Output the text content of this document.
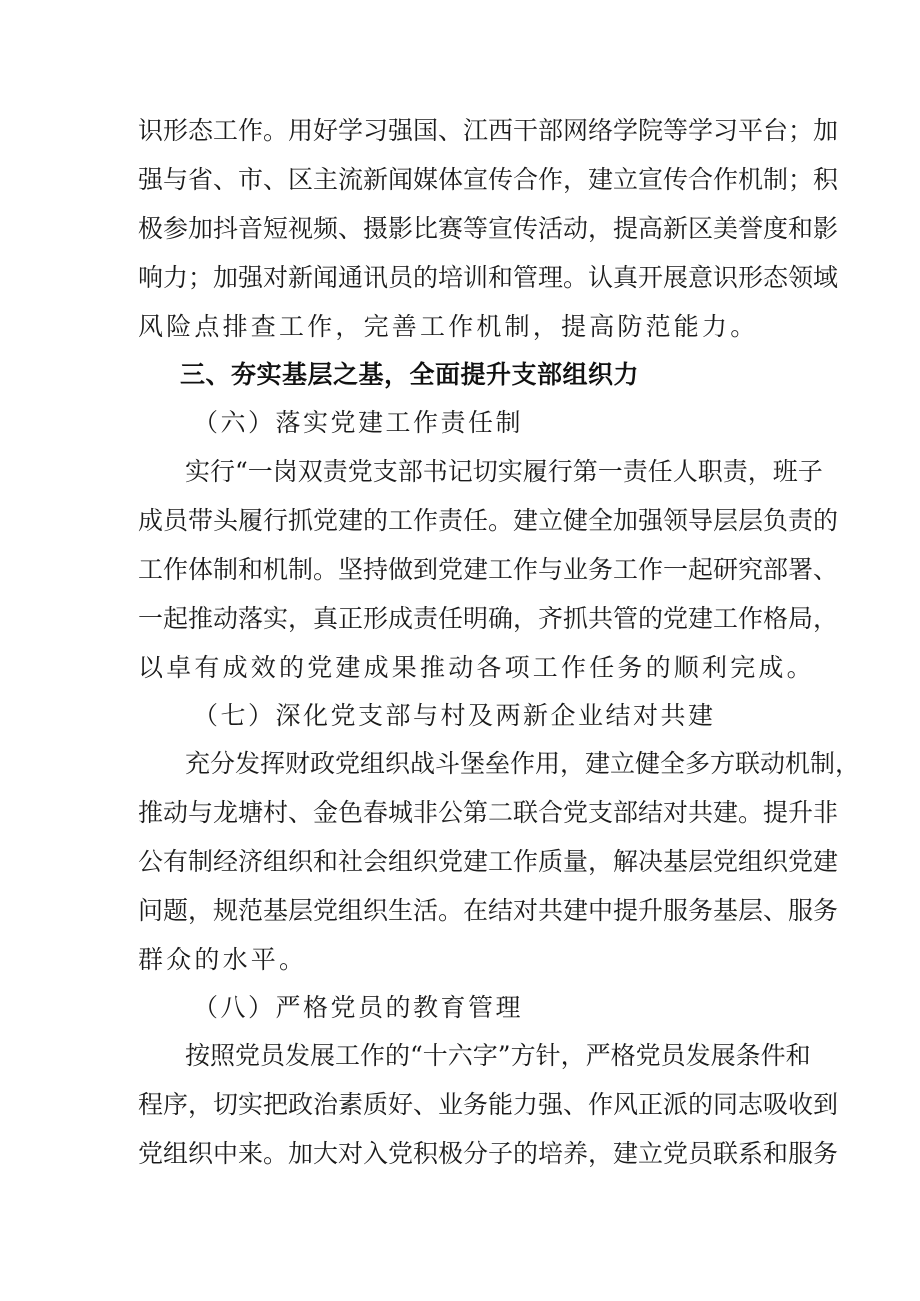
识形态工作。用好学习强国、江西干部网络学院等学习平台；加
强与省、市、区主流新闻媒体宣传合作，建立宣传合作机制；积
极参加抖音短视频、摄影比赛等宣传活动，提高新区美誉度和影
响力；加强对新闻通讯员的培训和管理。认真开展意识形态领域
风险点排查工作，完善工作机制，提高防范能力。
三、夯实基层之基，全面提升支部组织力
（六）落实党建工作责任制
实行“一岗双责党支部书记切实履行第一责任人职责，班子
成员带头履行抓党建的工作责任。建立健全加强领导层层负责的
工作体制和机制。坚持做到党建工作与业务工作一起研究部署、
一起推动落实，真正形成责任明确，齐抓共管的党建工作格局，
以卓有成效的党建成果推动各项工作任务的顺利完成。
（七）深化党支部与村及两新企业结对共建
充分发挥财政党组织战斗堡垒作用，建立健全多方联动机制，
推动与龙塘村、金色春城非公第二联合党支部结对共建。提升非
公有制经济组织和社会组织党建工作质量，解决基层党组织党建
问题，规范基层党组织生活。在结对共建中提升服务基层、服务
群众的水平。
（八）严格党员的教育管理
按照党员发展工作的“十六字”方针，严格党员发展条件和
程序，切实把政治素质好、业务能力强、作风正派的同志吸收到
党组织中来。加大对入党积极分子的培养，建立党员联系和服务
